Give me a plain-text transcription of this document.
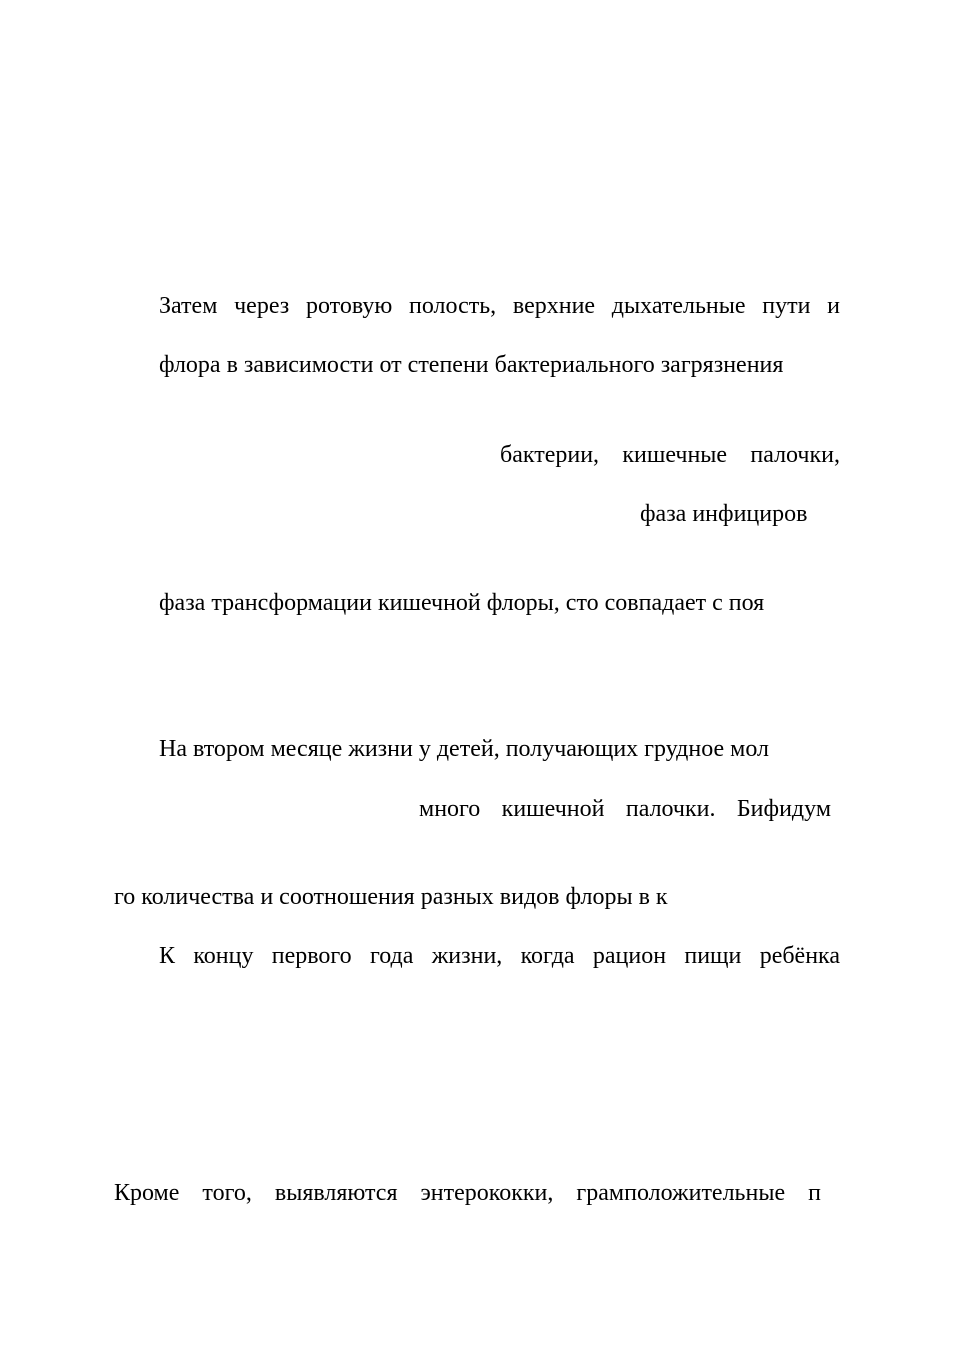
Затем через ротовую полость, верхние дыхательные пути и
флора в зависимости от степени бактериального загрязнения
бактерии, кишечные палочки,
фаза инфициров
фаза трансформации кишечной флоры, сто совпадает с поя
На втором месяце жизни у детей, получающих грудное мол
много кишечной палочки. Бифидум
го количества и соотношения разных видов флоры в к
К концу первого года жизни, когда рацион пищи ребёнка
Кроме того, выявляются энтерококки, грамположительные п
